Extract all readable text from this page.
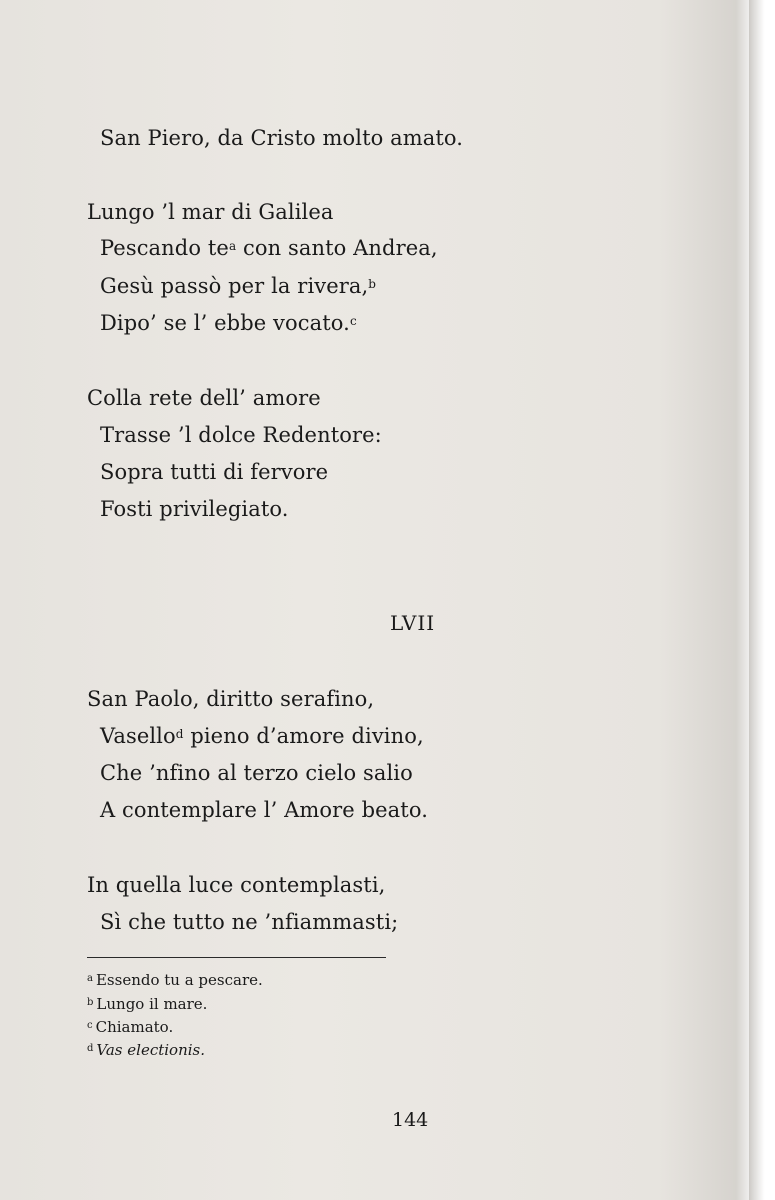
San Piero, da Cristo molto amato.
Lungo ’l mar di Galilea
Pescando $te^a$ con santo Andrea,
Gesù passò per la rivera,$^b$
Dipo’ se l’ ebbe vocato.$^c$
Colla rete dell’ amore
Trasse ’l dolce Redentore:
Sopra tutti di fervore
Fosti privilegiato.
LVII
San Paolo, diritto serafino,
Vasello$^d$ pieno d’amore divino,
Che ’nfino al terzo cielo salio
A contemplare l’ Amore beato.
In quella luce contemplasti,
Sì che tutto ne ’nfiammasti;
$^a$ Essendo tu a pescare.
$^b$ Lungo il mare.
$^c$ Chiamato.
$^d$ Vas electionis.
144
